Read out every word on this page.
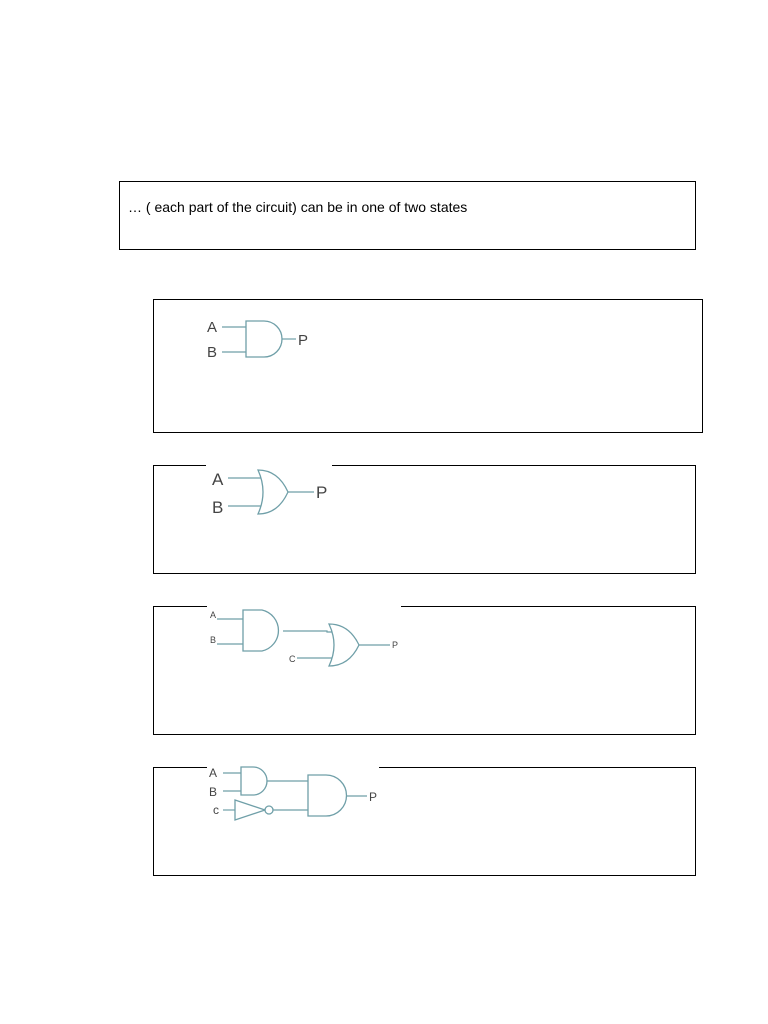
… ( each part of the circuit) can be in one of two states
A
B
P
A
B
P
A
B
C
P
A
B
c
P
